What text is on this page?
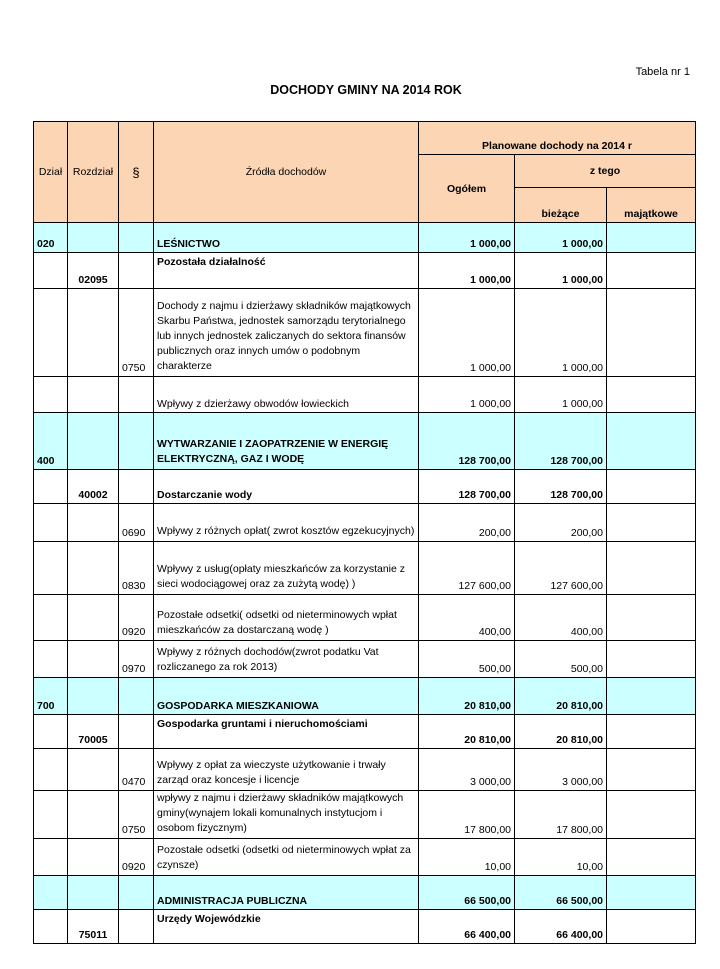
Tabela nr 1
DOCHODY GMINY NA 2014 ROK
Dział	Rozdział	§	Źródła dochodów	Planowane dochody na 2014 r		
				Ogółem	z tego	
					bieżące	majątkowe
020			LEŚNICTWO	1 000,00	1 000,00	
	02095		Pozostała działalność	1 000,00	1 000,00	
		0750	Dochody z najmu i dzierżawy składników majątkowych Skarbu Państwa, jednostek samorządu terytorialnego lub innych jednostek zaliczanych do sektora finansów publicznych oraz innych umów o podobnym charakterze	1 000,00	1 000,00	
			Wpływy z dzierżawy obwodów łowieckich	1 000,00	1 000,00	
400			WYTWARZANIE I ZAOPATRZENIE W ENERGIĘ ELEKTRYCZNĄ, GAZ I WODĘ	128 700,00	128 700,00	
	40002		Dostarczanie wody	128 700,00	128 700,00	
		0690	Wpływy z różnych opłat( zwrot kosztów egzekucyjnych)	200,00	200,00	
		0830	Wpływy z usług(opłaty mieszkańców za korzystanie z sieci wodociągowej oraz za zużytą wodę) )	127 600,00	127 600,00	
		0920	Pozostałe odsetki( odsetki od nieterminowych wpłat mieszkańców za dostarczaną wodę )	400,00	400,00	
		0970	Wpływy z różnych dochodów(zwrot podatku Vat rozliczanego za rok 2013)	500,00	500,00	
700			GOSPODARKA MIESZKANIOWA	20 810,00	20 810,00	
	70005		Gospodarka gruntami i nieruchomościami	20 810,00	20 810,00	
		0470	Wpływy z opłat za wieczyste użytkowanie i trwały zarząd oraz koncesje i licencje	3 000,00	3 000,00	
		0750	wpływy z najmu i dzierżawy składników majątkowych gminy(wynajem lokali komunalnych instytucjom i osobom fizycznym)	17 800,00	17 800,00	
		0920	Pozostałe odsetki (odsetki od nieterminowych wpłat za czynsze)	10,00	10,00	
			ADMINISTRACJA PUBLICZNA	66 500,00	66 500,00	
	75011		Urzędy Wojewódzkie	66 400,00	66 400,00	
